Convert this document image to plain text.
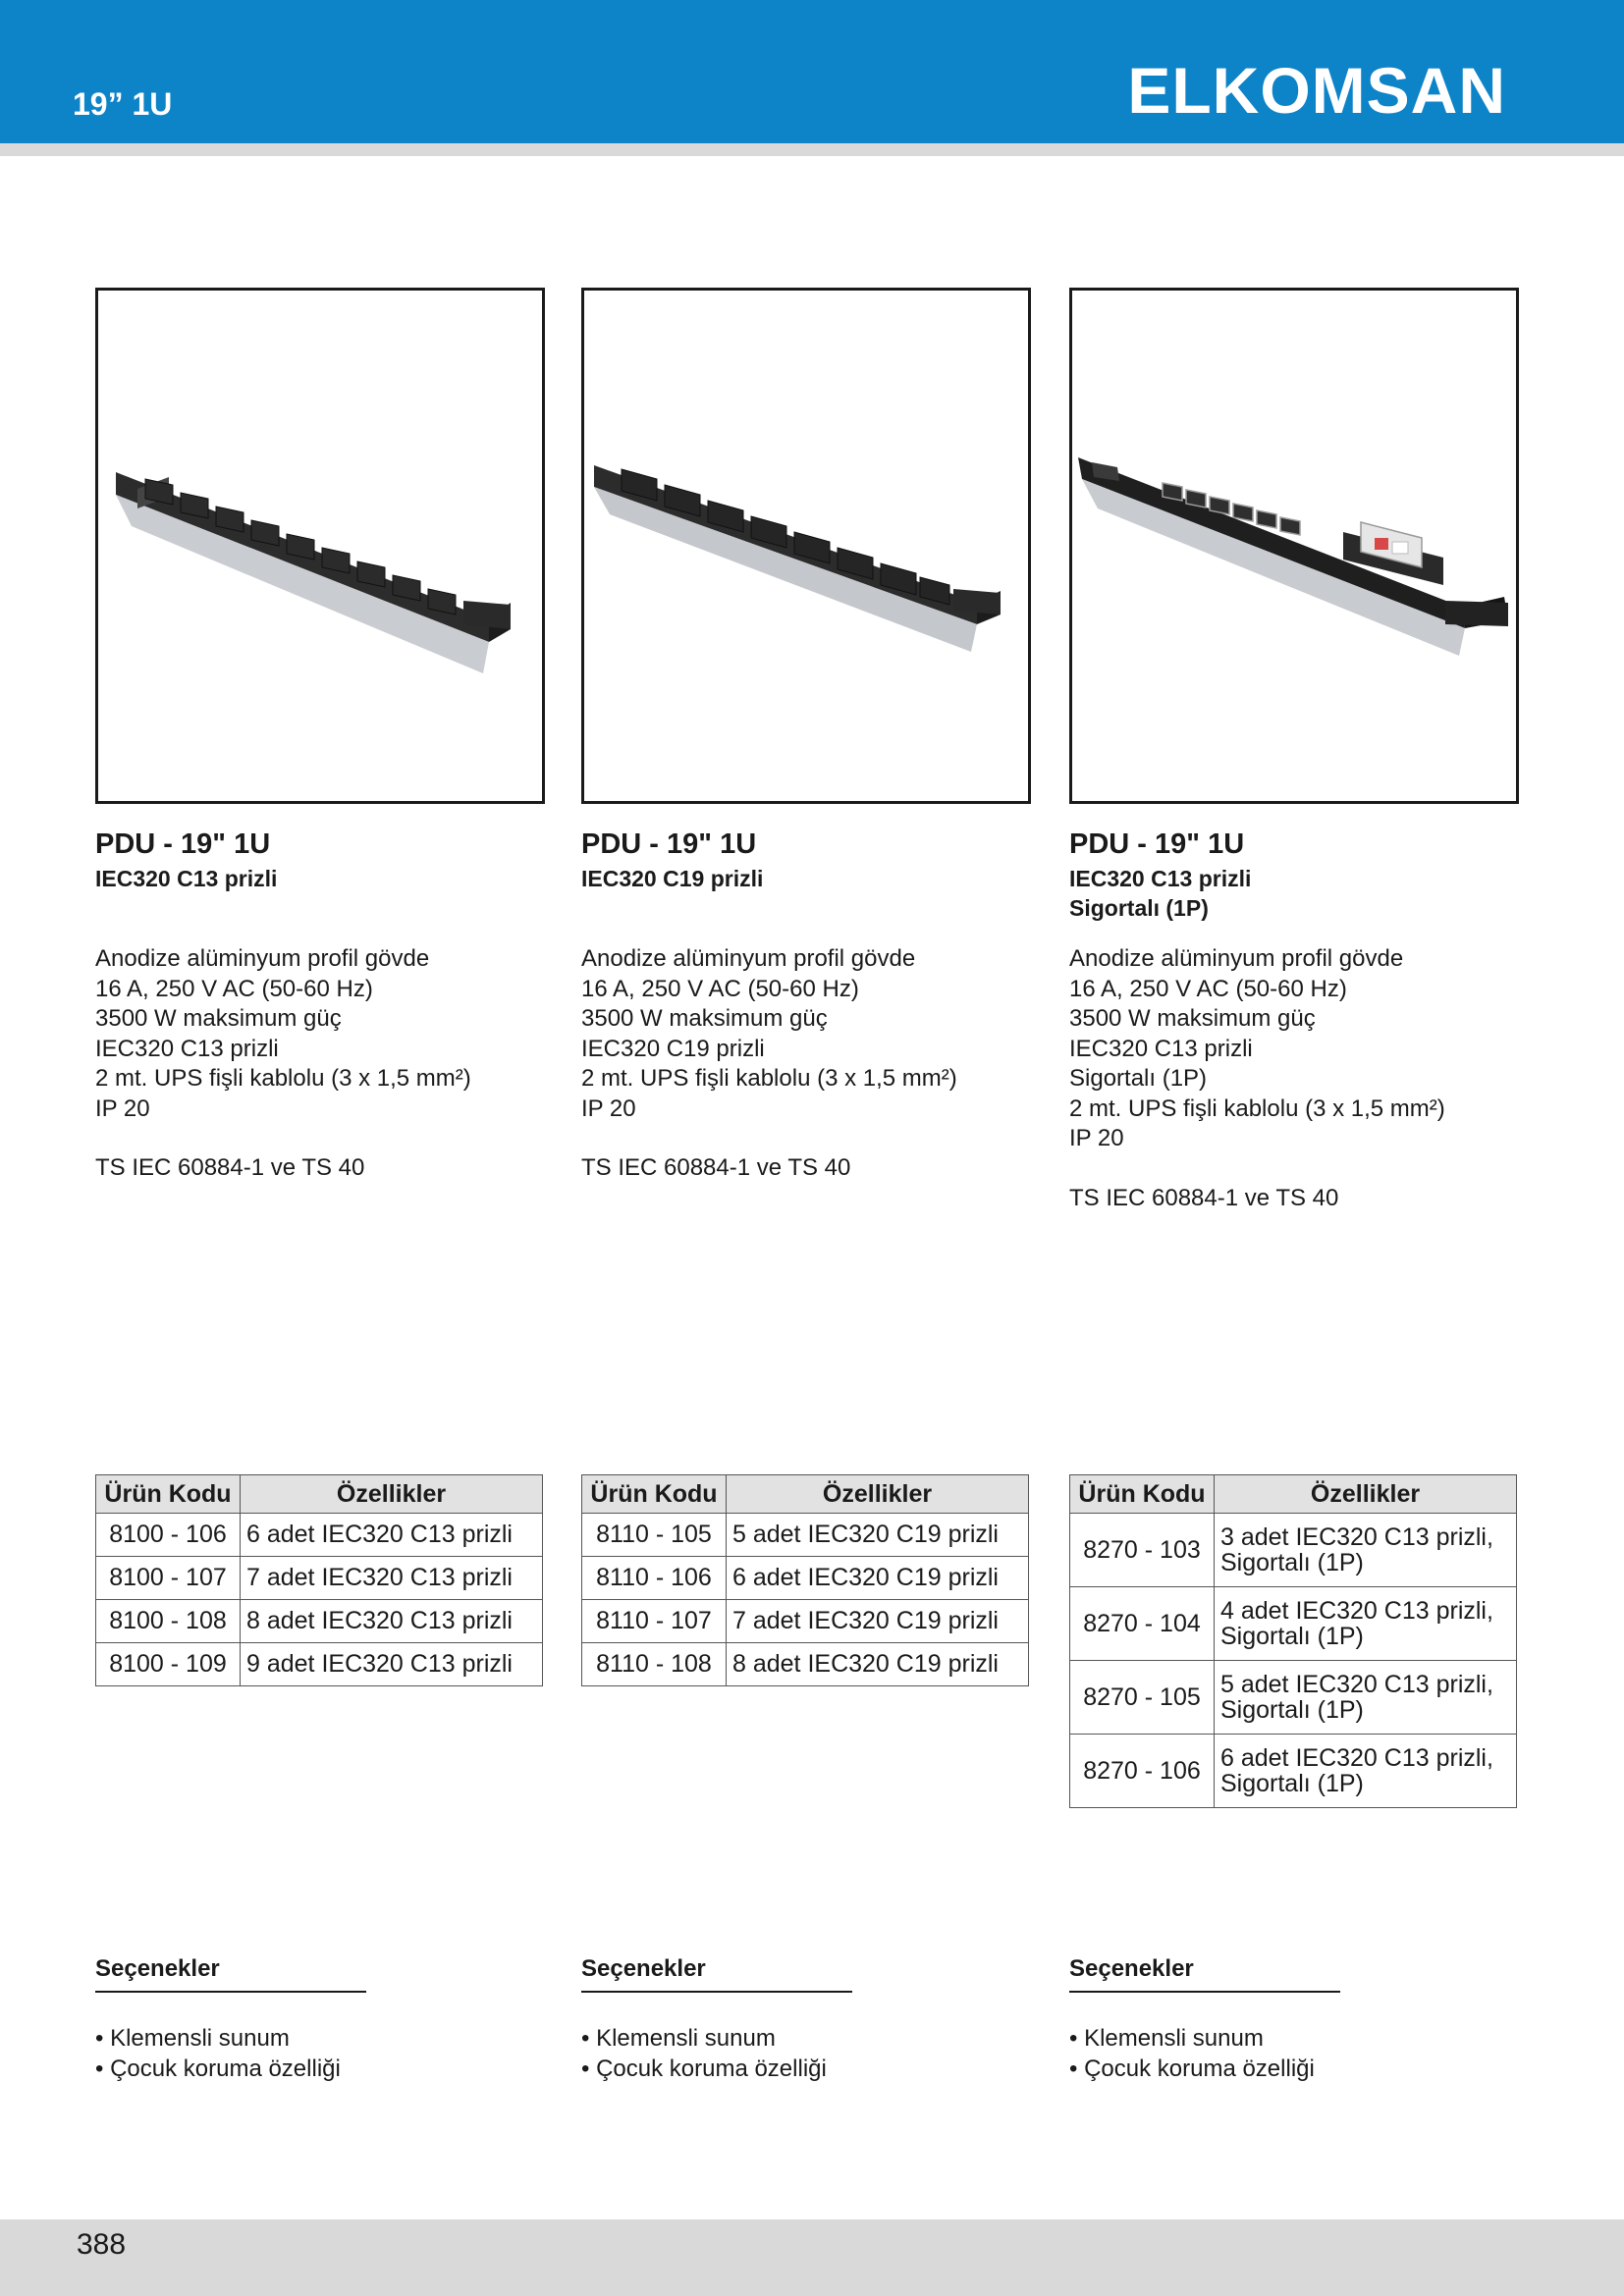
19” 1U	ELKOMSAN
PDU - 19" 1U
IEC320 C13 prizli
Anodize alüminyum profil gövde
16 A, 250 V AC (50-60 Hz)
3500 W maksimum güç
IEC320 C13 prizli
2 mt. UPS fişli kablolu (3 x 1,5 mm²)
IP 20
TS IEC 60884-1 ve TS 40
Ürün Kodu	Özellikler
8100 - 106	6 adet IEC320 C13 prizli
8100 - 107	7 adet IEC320 C13 prizli
8100 - 108	8 adet IEC320 C13 prizli
8100 - 109	9 adet IEC320 C13 prizli
Seçenekler
• Klemensli sunum
• Çocuk koruma özelliği
PDU - 19" 1U
IEC320 C19 prizli
Anodize alüminyum profil gövde
16 A, 250 V AC (50-60 Hz)
3500 W maksimum güç
IEC320 C19 prizli
2 mt. UPS fişli kablolu (3 x 1,5 mm²)
IP 20
TS IEC 60884-1 ve TS 40
Ürün Kodu	Özellikler
8110 - 105	5 adet IEC320 C19 prizli
8110 - 106	6 adet IEC320 C19 prizli
8110 - 107	7 adet IEC320 C19 prizli
8110 - 108	8 adet IEC320 C19 prizli
Seçenekler
• Klemensli sunum
• Çocuk koruma özelliği
PDU - 19" 1U
IEC320 C13 prizli
Sigortalı (1P)
Anodize alüminyum profil gövde
16 A, 250 V AC (50-60 Hz)
3500 W maksimum güç
IEC320 C13 prizli
Sigortalı (1P)
2 mt. UPS fişli kablolu (3 x 1,5 mm²)
IP 20
TS IEC 60884-1 ve TS 40
Ürün Kodu	Özellikler
8270 - 103	3 adet IEC320 C13 prizli, Sigortalı (1P)
8270 - 104	4 adet IEC320 C13 prizli, Sigortalı (1P)
8270 - 105	5 adet IEC320 C13 prizli, Sigortalı (1P)
8270 - 106	6 adet IEC320 C13 prizli, Sigortalı (1P)
Seçenekler
• Klemensli sunum
• Çocuk koruma özelliği
388
